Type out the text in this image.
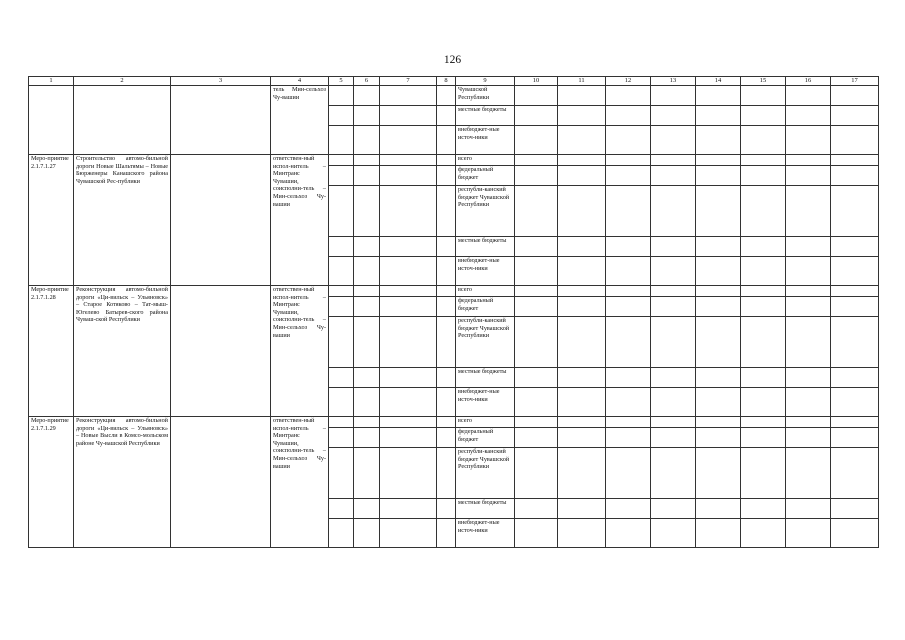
126
1	2	3	4	5	6	7	8	9	10	11	12	13	14	15	16	17
			тель Мин-сельхоз Чу-вашии					Чувашской Республики								
								местные бюджеты								
								внебюджет-ные источ-ники								
Меро-приятие 2.1.7.1.27	Строительство автомо-бильной дороги Новые Шальтямы – Новые Бюрженеры Канашского района Чувашской Рес-публики		ответствен-ный испол-нитель – Минтранс Чувашии, соисполни-тель – Мин-сельхоз Чу-вашии					всего								
								федеральный бюджет								
								республи-канский бюджет Чувашской Республики								
								местные бюджеты								
								внебюджет-ные источ-ники								
Меро-приятие 2.1.7.1.28	Реконструкция автомо-бильной дороги «Ци-вильск – Ульяновск» – Старое Котяково – Тат-мыш-Югелево Батырев-ского района Чуваш-ской Республики		ответствен-ный испол-нитель – Минтранс Чувашии, соисполни-тель – Мин-сельхоз Чу-вашии					всего								
								федеральный бюджет								
								республи-канский бюджет Чувашской Республики								
								местные бюджеты								
								внебюджет-ные источ-ники								
Меро-приятие 2.1.7.1.29	Реконструкция автомо-бильной дороги «Ци-вильск – Ульяновск» – Новые Высли в Комсо-мольском районе Чу-вашской Республики		ответствен-ный испол-нитель – Минтранс Чувашии, соисполни-тель – Мин-сельхоз Чу-вашии					всего								
								федеральный бюджет								
								республи-канский бюджет Чувашской Республики								
								местные бюджеты								
								внебюджет-ные источ-ники								
